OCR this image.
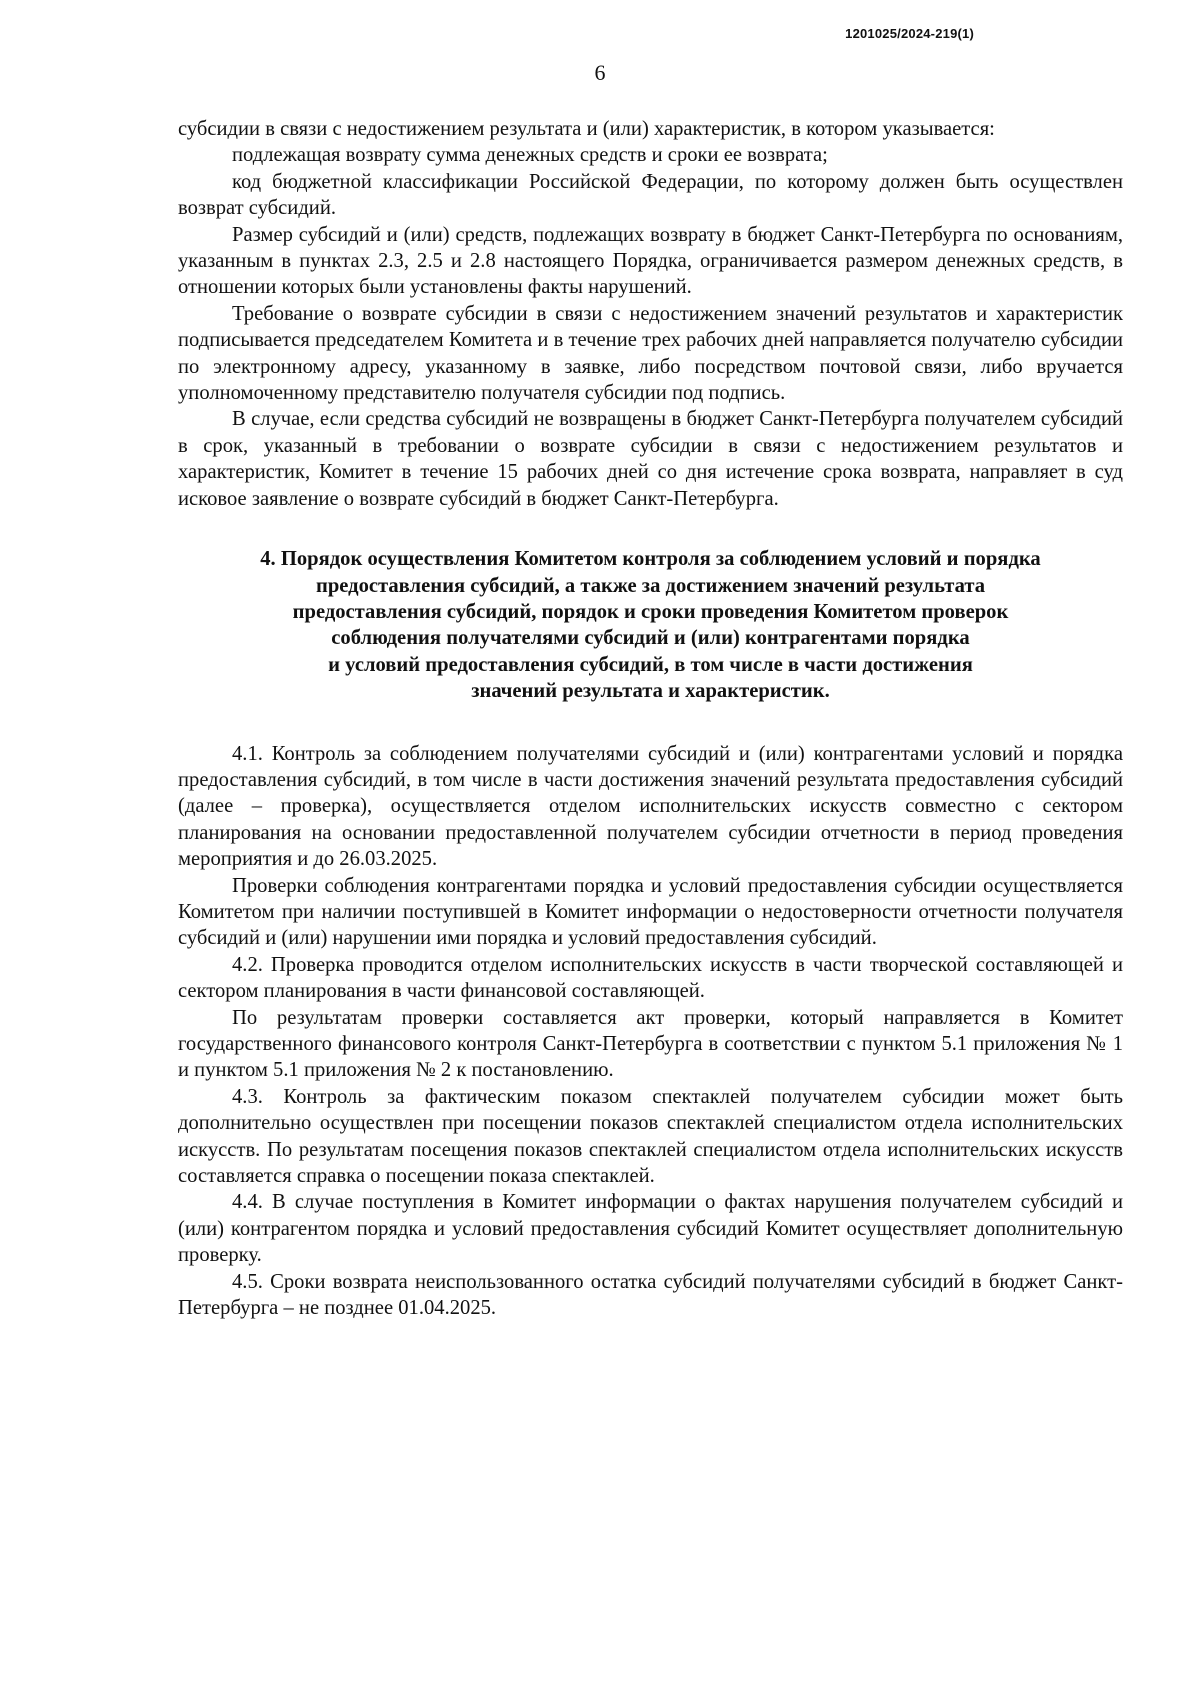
1201025/2024-219(1)
6

субсидии в связи с недостижением результата и (или) характеристик, в котором указывается:

подлежащая возврату сумма денежных средств и сроки ее возврата;

код бюджетной классификации Российской Федерации, по которому должен быть осуществлен возврат субсидий.

Размер субсидий и (или) средств, подлежащих возврату в бюджет Санкт-Петербурга по основаниям, указанным в пунктах 2.3, 2.5 и 2.8 настоящего Порядка, ограничивается размером денежных средств, в отношении которых были установлены факты нарушений.

Требование о возврате субсидии в связи с недостижением значений результатов и характеристик подписывается председателем Комитета и в течение трех рабочих дней направляется получателю субсидии по электронному адресу, указанному в заявке, либо посредством почтовой связи, либо вручается уполномоченному представителю получателя субсидии под подпись.

В случае, если средства субсидий не возвращены в бюджет Санкт-Петербурга получателем субсидий в срок, указанный в требовании о возврате субсидии в связи с недостижением результатов и характеристик, Комитет в течение 15 рабочих дней со дня истечение срока возврата, направляет в суд исковое заявление о возврате субсидий в бюджет Санкт-Петербурга.

4. Порядок осуществления Комитетом контроля за соблюдением условий и порядка
предоставления субсидий, а также за достижением значений результата
предоставления субсидий, порядок и сроки проведения Комитетом проверок
соблюдения получателями субсидий и (или) контрагентами порядка
и условий предоставления субсидий, в том числе в части достижения
значений результата и характеристик.

4.1. Контроль за соблюдением получателями субсидий и (или) контрагентами условий и порядка предоставления субсидий, в том числе в части достижения значений результата предоставления субсидий (далее – проверка), осуществляется отделом исполнительских искусств совместно с сектором планирования на основании предоставленной получателем субсидии отчетности в период проведения мероприятия и до 26.03.2025.

Проверки соблюдения контрагентами порядка и условий предоставления субсидии осуществляется Комитетом при наличии поступившей в Комитет информации о недостоверности отчетности получателя субсидий и (или) нарушении ими порядка и условий предоставления субсидий.

4.2. Проверка проводится отделом исполнительских искусств в части творческой составляющей и сектором планирования в части финансовой составляющей.

По результатам проверки составляется акт проверки, который направляется в Комитет государственного финансового контроля Санкт-Петербурга в соответствии с пунктом 5.1 приложения № 1 и пунктом 5.1 приложения № 2 к постановлению.

4.3. Контроль за фактическим показом спектаклей получателем субсидии может быть дополнительно осуществлен при посещении показов спектаклей специалистом отдела исполнительских искусств. По результатам посещения показов спектаклей специалистом отдела исполнительских искусств составляется справка о посещении показа спектаклей.

4.4. В случае поступления в Комитет информации о фактах нарушения получателем субсидий и (или) контрагентом порядка и условий предоставления субсидий Комитет осуществляет дополнительную проверку.

4.5. Сроки возврата неиспользованного остатка субсидий получателями субсидий в бюджет Санкт-Петербурга – не позднее 01.04.2025.
